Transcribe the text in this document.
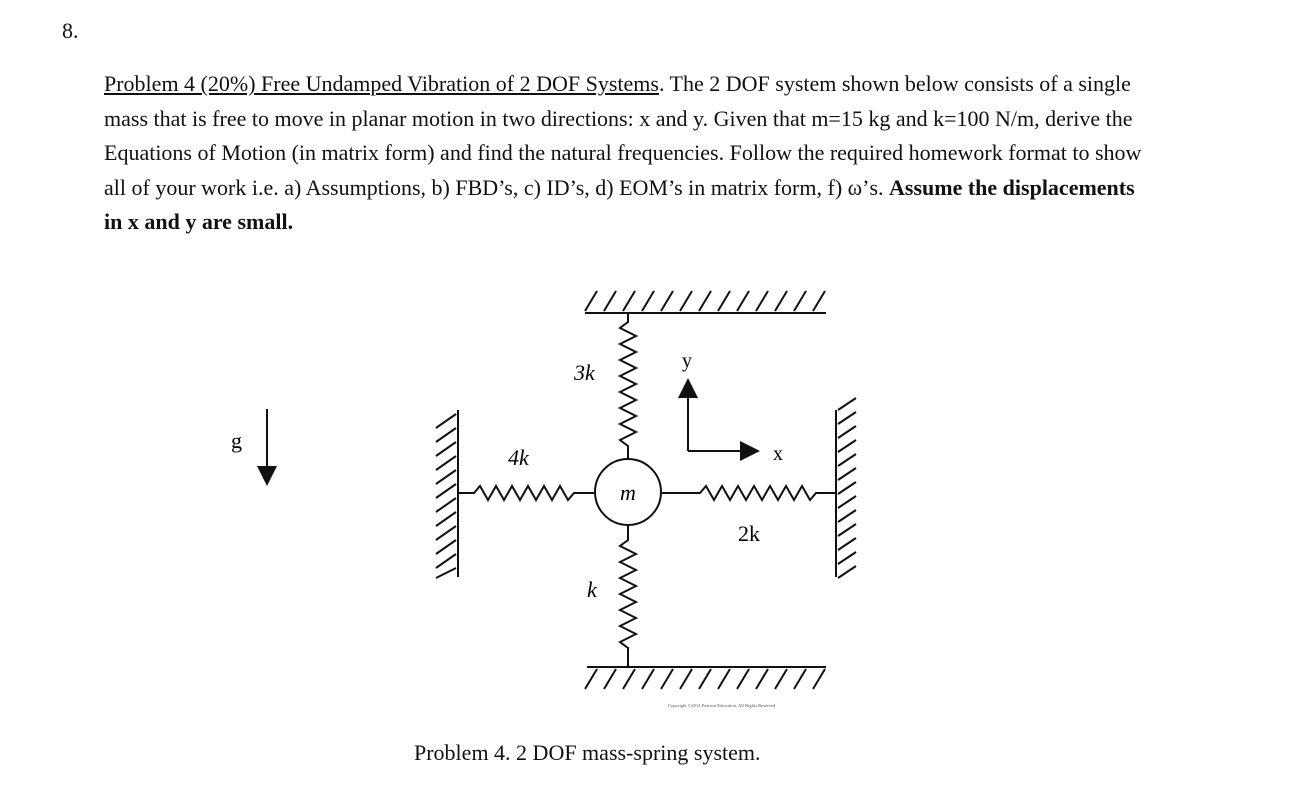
8.
Problem 4 (20%) Free Undamped Vibration of 2 DOF Systems. The 2 DOF system shown below consists of a single mass that is free to move in planar motion in two directions: x and y. Given that m=15 kg and k=100 N/m, derive the Equations of Motion (in matrix form) and find the natural frequencies. Follow the required homework format to show all of your work i.e. a) Assumptions, b) FBD’s, c) ID’s, d) EOM’s in matrix form, f) ω’s. Assume the displacements in x and y are small.
m
3k
4k
2k
k
y
x
g
Copyright ©2014 Pearson Education, All Rights Reserved
Problem 4. 2 DOF mass-spring system.
